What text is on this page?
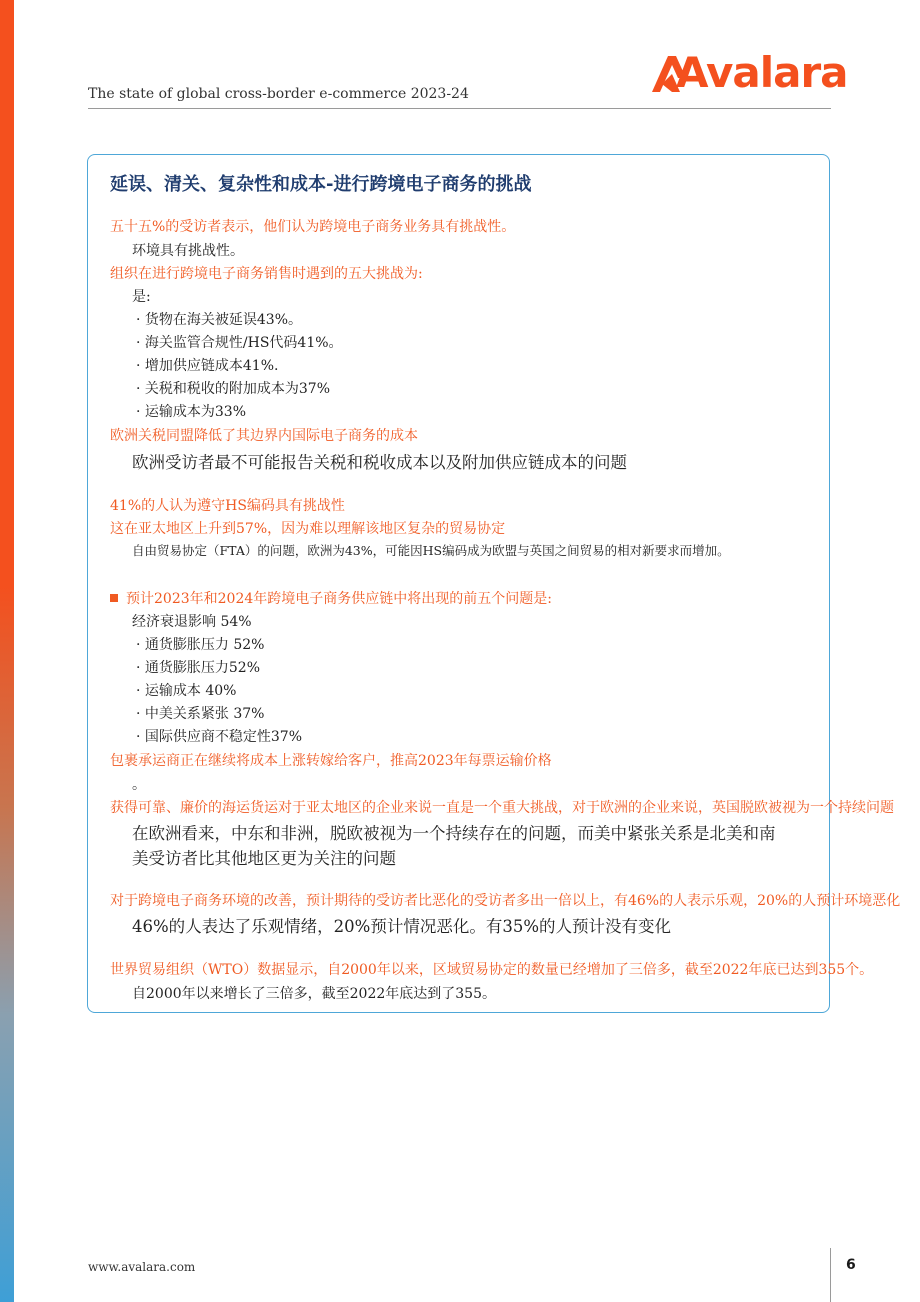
The state of global cross-border e-commerce 2023-24	Avalara
延误、清关、复杂性和成本-进行跨境电子商务的挑战
五十五%的受访者表示，他们认为跨境电子商务业务具有挑战性。
环境具有挑战性。
组织在进行跨境电子商务销售时遇到的五大挑战为:
是:
· 货物在海关被延误43%。
· 海关监管合规性/HS代码41%。
· 增加供应链成本41%.
· 关税和税收的附加成本为37%
· 运输成本为33%
欧洲关税同盟降低了其边界内国际电子商务的成本
欧洲受访者最不可能报告关税和税收成本以及附加供应链成本的问题
41%的人认为遵守HS编码具有挑战性
这在亚太地区上升到57%，因为难以理解该地区复杂的贸易协定
自由贸易协定（FTA）的问题，欧洲为43%，可能因HS编码成为欧盟与英国之间贸易的相对新要求而增加。
预计2023年和2024年跨境电子商务供应链中将出现的前五个问题是:
经济衰退影响 54%
· 通货膨胀压力 52%
· 通货膨胀压力52%
· 运输成本 40%
· 中美关系紧张 37%
· 国际供应商不稳定性37%
包裹承运商正在继续将成本上涨转嫁给客户，推高2023年每票运输价格
。
获得可靠、廉价的海运货运对于亚太地区的企业来说一直是一个重大挑战，对于欧洲的企业来说，英国脱欧被视为一个持续问题
在欧洲看来，中东和非洲，脱欧被视为一个持续存在的问题，而美中紧张关系是北美和南
美受访者比其他地区更为关注的问题
对于跨境电子商务环境的改善，预计期待的受访者比恶化的受访者多出一倍以上，有46%的人表示乐观，20%的人预计环境恶化
46%的人表达了乐观情绪，20%预计情况恶化。有35%的人预计没有变化
世界贸易组织（WTO）数据显示，自2000年以来，区域贸易协定的数量已经增加了三倍多，截至2022年底已达到355个。
自2000年以来增长了三倍多，截至2022年底达到了355。
www.avalara.com	6
